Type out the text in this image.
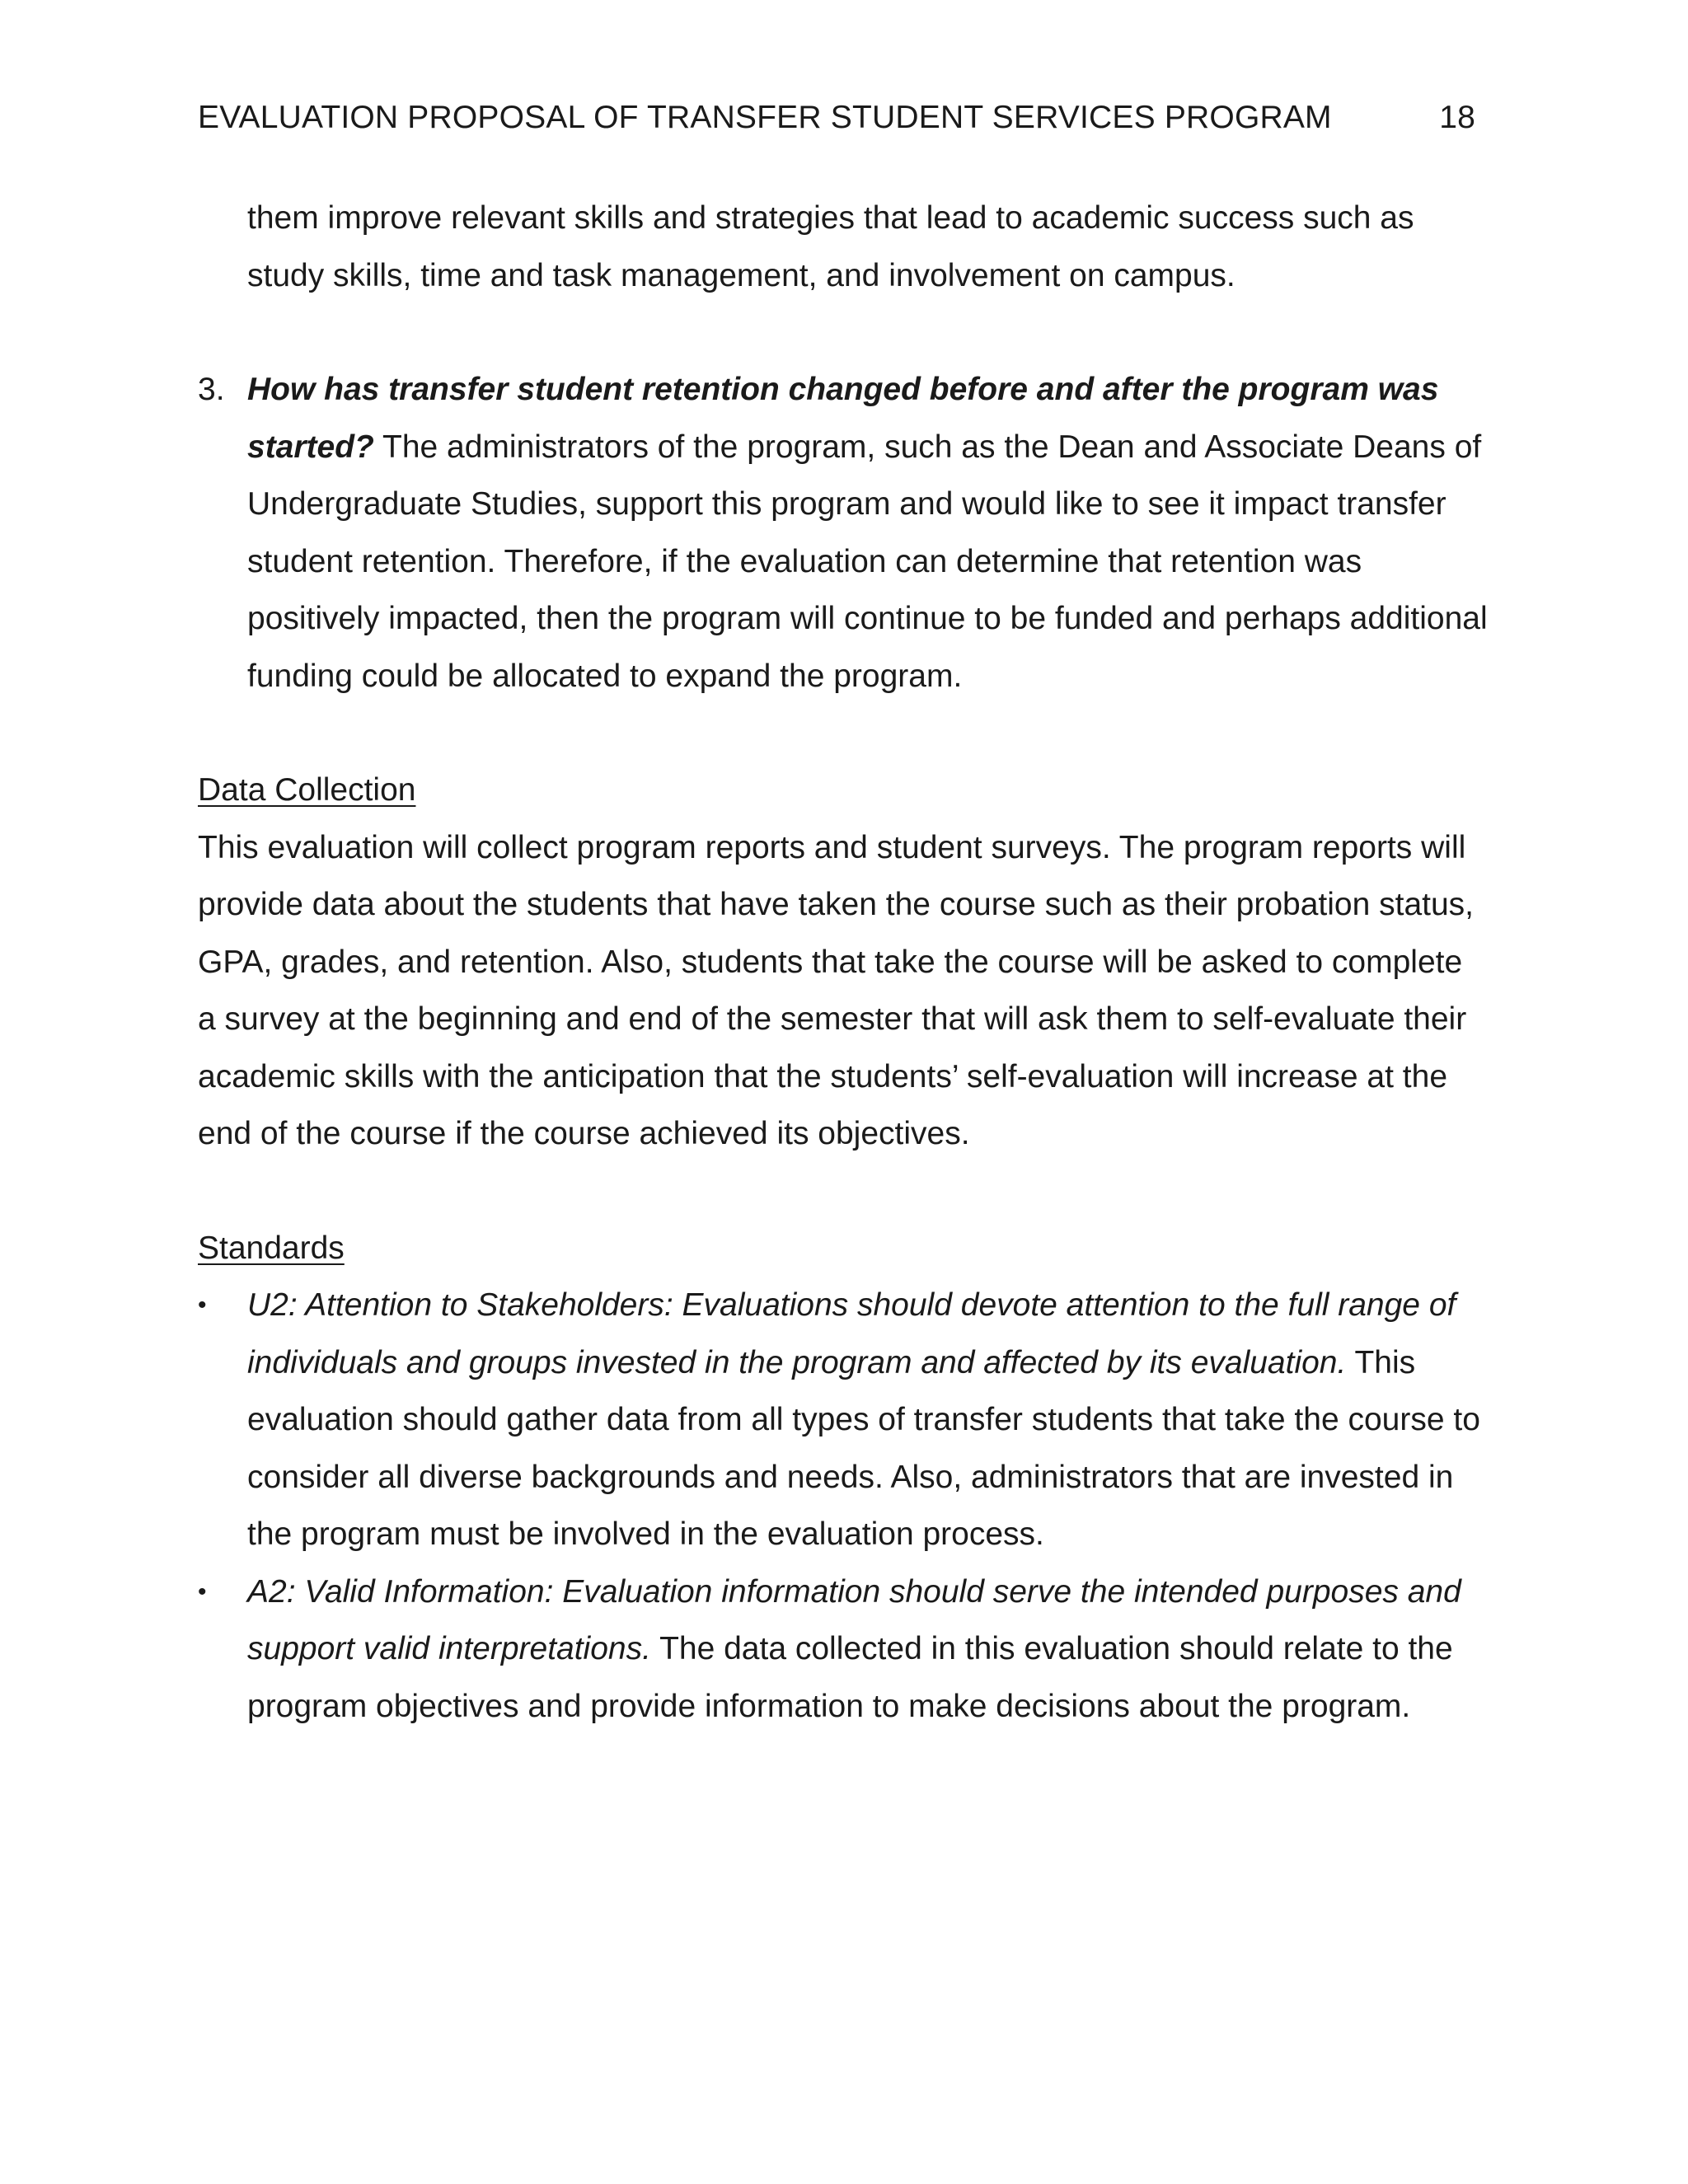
EVALUATION PROPOSAL OF TRANSFER STUDENT SERVICES PROGRAM	18

them improve relevant skills and strategies that lead to academic success such as study skills, time and task management, and involvement on campus.

3. How has transfer student retention changed before and after the program was started? The administrators of the program, such as the Dean and Associate Deans of Undergraduate Studies, support this program and would like to see it impact transfer student retention. Therefore, if the evaluation can determine that retention was positively impacted, then the program will continue to be funded and perhaps additional funding could be allocated to expand the program.

Data Collection

This evaluation will collect program reports and student surveys. The program reports will provide data about the students that have taken the course such as their probation status, GPA, grades, and retention. Also, students that take the course will be asked to complete a survey at the beginning and end of the semester that will ask them to self-evaluate their academic skills with the anticipation that the students’ self-evaluation will increase at the end of the course if the course achieved its objectives.

Standards

•	U2: Attention to Stakeholders: Evaluations should devote attention to the full range of individuals and groups invested in the program and affected by its evaluation. This evaluation should gather data from all types of transfer students that take the course to consider all diverse backgrounds and needs. Also, administrators that are invested in the program must be involved in the evaluation process.

•	A2: Valid Information: Evaluation information should serve the intended purposes and support valid interpretations. The data collected in this evaluation should relate to the program objectives and provide information to make decisions about the program.
